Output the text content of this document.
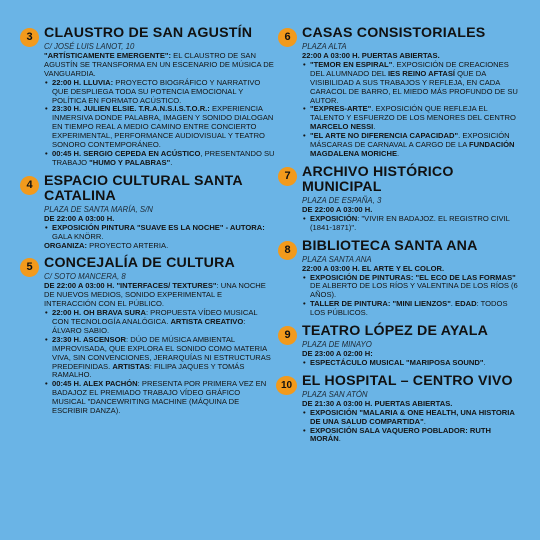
3 CLAUSTRO DE SAN AGUSTÍN
C/ JOSÉ LUIS LANOT, 10
"ARTÍSTICAMENTE EMERGENTE": EL CLAUSTRO DE SAN AGUSTÍN SE TRANSFORMA EN UN ESCENARIO DE MÚSICA DE VANGUARDIA.
• 22:00 H. LLUVIA: PROYECTO BIOGRÁFICO Y NARRATIVO QUE DESPLIEGA TODA SU POTENCIA EMOCIONAL Y POLÍTICA EN FORMATO ACÚSTICO.
• 23:30 H. JULIEN ELSIE. T.R.A.N.S.I.S.T.O.R.: EXPERIENCIA INMERSIVA DONDE PALABRA, IMAGEN Y SONIDO DIALOGAN EN TIEMPO REAL A MEDIO CAMINO ENTRE CONCIERTO EXPERIMENTAL, PERFORMANCE AUDIOVISUAL Y TEATRO SONORO CONTEMPORÁNEO.
• 00:45 H. SERGIO CEPEDA EN ACÚSTICO, PRESENTANDO SU TRABAJO "HUMO Y PALABRAS".
4 ESPACIO CULTURAL SANTA CATALINA
PLAZA DE SANTA MARÍA, S/N
DE 22:00 A 03:00 H.
• EXPOSICIÓN PINTURA "SUAVE ES LA NOCHE" - AUTORA: GALA KNÖRR.
ORGANIZA: PROYECTO ARTERIA.
5 CONCEJALÍA DE CULTURA
C/ SOTO MANCERA, 8
DE 22:00 A 03:00 H. "INTERFACES/ TEXTURES": UNA NOCHE DE NUEVOS MEDIOS, SONIDO EXPERIMENTAL E INTERACCIÓN CON EL PÚBLICO.
• 22:00 H. OH BRAVA SURA: PROPUESTA VÍDEO MUSICAL CON TECNOLOGÍA ANALÓGICA. ARTISTA CREATIVO: ÁLVARO SABIO.
• 23:30 H. ASCENSOR: DÚO DE MÚSICA AMBIENTAL IMPROVISADA, QUE EXPLORA EL SONIDO COMO MATERIA VIVA, SIN CONVENCIONES, JERARQUÍAS NI ESTRUCTURAS PREDEFINIDAS. ARTISTAS: FILIPA JAQUES Y TOMÁS RAMALHO.
• 00:45 H. ALEX PACHÓN: PRESENTA POR PRIMERA VEZ EN BADAJOZ EL PREMIADO TRABAJO VÍDEO GRÁFICO MUSICAL "DANCEWRITING MACHINE (MÁQUINA DE ESCRIBIR DANZA).
6 CASAS CONSISTORIALES
PLAZA ALTA
22:00 A 03:00 H. PUERTAS ABIERTAS.
• "TEMOR EN ESPIRAL". EXPOSICIÓN DE CREACIONES DEL ALUMNADO DEL IES REINO AFTASÍ QUE DA VISIBILIDAD A SUS TRABAJOS Y REFLEJA, EN CADA CARACOL DE BARRO, EL MIEDO MÁS PROFUNDO DE SU AUTOR.
• "EXPRES-ARTE". EXPOSICIÓN QUE REFLEJA EL TALENTO Y ESFUERZO DE LOS MENORES DEL CENTRO MARCELO NESSI.
• "EL ARTE NO DIFERENCIA CAPACIDAD". EXPOSICIÓN MÁSCARAS DE CARNAVAL A CARGO DE LA FUNDACIÓN MAGDALENA MORICHE.
7 ARCHIVO HISTÓRICO MUNICIPAL
PLAZA DE ESPAÑA, 3
DE 22:00 A 03:00 H.
• EXPOSICIÓN: "VIVIR EN BADAJOZ. EL REGISTRO CIVIL (1841-1871)".
8 BIBLIOTECA SANTA ANA
PLAZA SANTA ANA
22:00 A 03:00 H. EL ARTE Y EL COLOR.
• EXPOSICIÓN DE PINTURAS: "EL ECO DE LAS FORMAS" DE ALBERTO DE LOS RÍOS Y VALENTINA DE LOS RÍOS (6 AÑOS).
• TALLER DE PINTURA: "MINI LIENZOS". EDAD: TODOS LOS PÚBLICOS.
9 TEATRO LÓPEZ DE AYALA
PLAZA DE MINAYO
DE 23:00 A 02:00 H:
• ESPECTÁCULO MUSICAL "MARIPOSA SOUND".
10 EL HOSPITAL – CENTRO VIVO
PLAZA SAN ATÓN
DE 21:30 A 03:00 H. PUERTAS ABIERTAS.
• EXPOSICIÓN "MALARIA & ONE HEALTH, UNA HISTORIA DE UNA SALUD COMPARTIDA".
• EXPOSICIÓN SALA VAQUERO POBLADOR: RUTH MORÁN.
